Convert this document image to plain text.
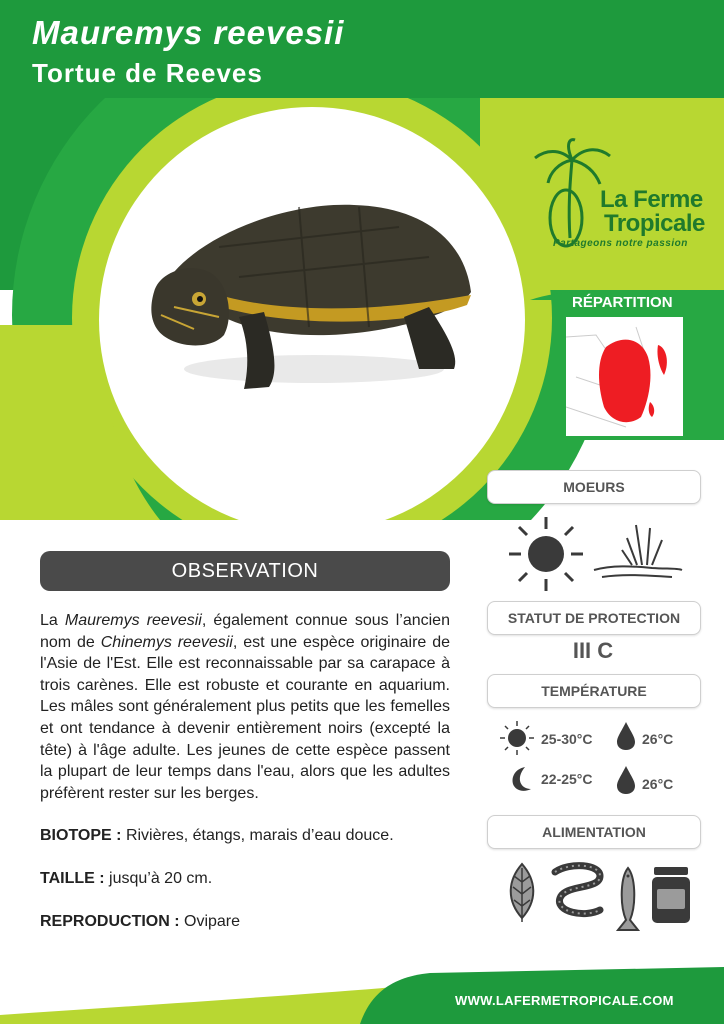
Mauremys reevesii
Tortue de Reeves
La Ferme
Tropicale
Partageons notre passion
RÉPARTITION
MOEURS
STATUT DE PROTECTION
III C
TEMPÉRATURE
25-30°C	26°C
22-25°C	26°C
ALIMENTATION
OBSERVATION

La Mauremys reevesii, également connue sous l’ancien nom de Chinemys reevesii, est une espèce originaire de l'Asie de l'Est. Elle est reconnaissable par sa carapace à trois carènes. Elle est robuste et courante en aquarium. Les mâles sont généralement plus petits que les femelles et ont tendance à devenir entièrement noirs (excepté la tête) à l'âge adulte. Les jeunes de cette espèce passent la plupart de leur temps dans l'eau, alors que les adultes préfèrent rester sur les berges.

BIOTOPE : Rivières, étangs, marais d’eau douce.

TAILLE : jusqu’à 20 cm.

REPRODUCTION : Ovipare

WWW.LAFERMETROPICALE.COM
